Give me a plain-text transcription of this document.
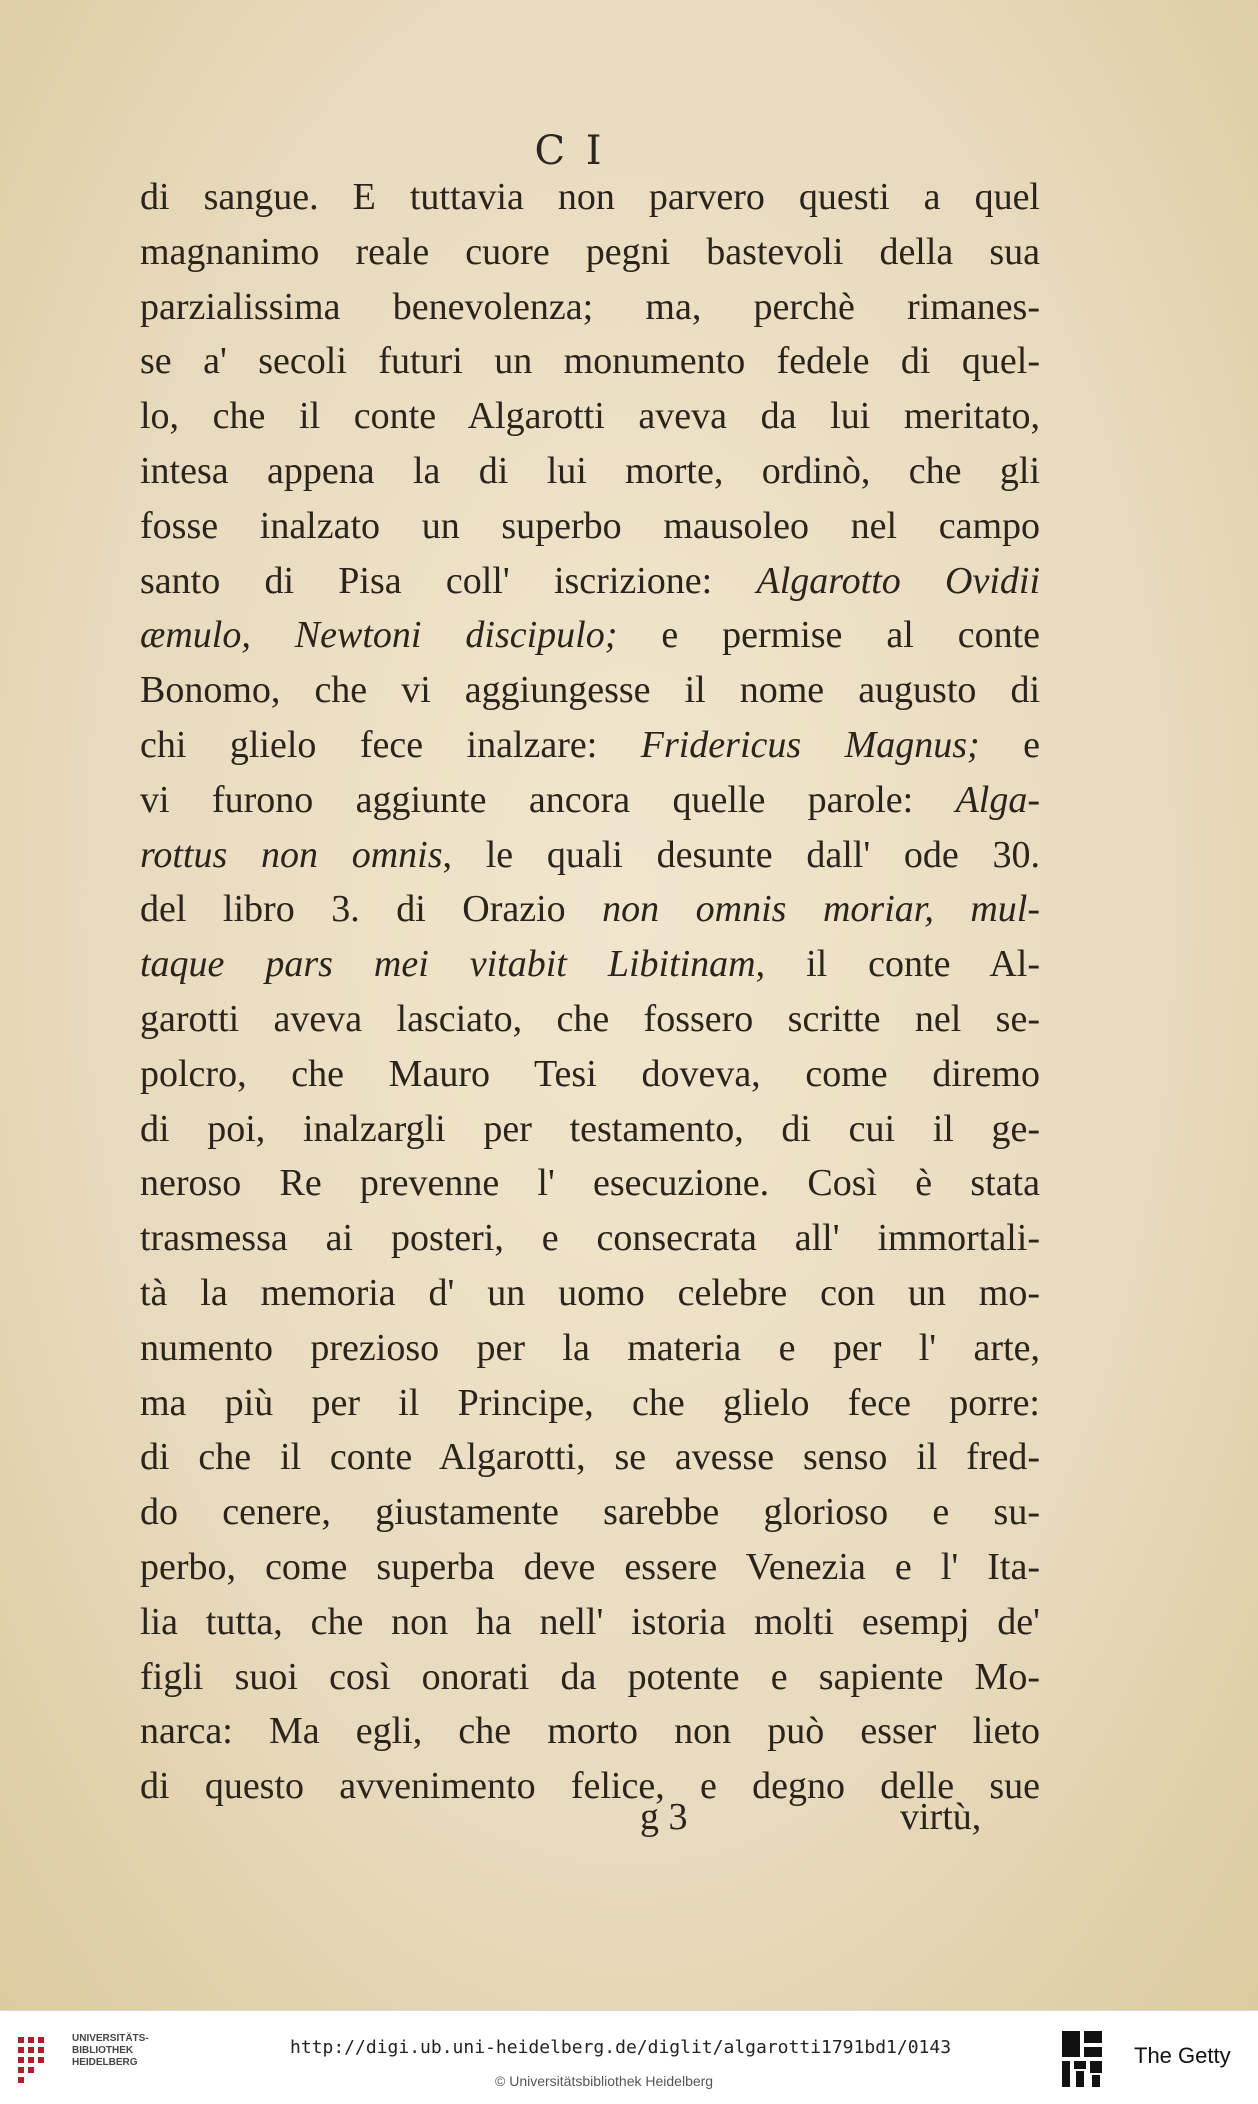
C I
di sangue. E tuttavia non parvero questi a quel
magnanimo reale cuore pegni bastevoli della sua
parzialissima benevolenza; ma, perchè rimanes-
se a' secoli futuri un monumento fedele di quel-
lo, che il conte Algarotti aveva da lui meritato,
intesa appena la di lui morte, ordinò, che gli
fosse inalzato un superbo mausoleo nel campo
santo di Pisa coll' iscrizione: Algarotto Ovidii
æmulo, Newtoni discipulo; e permise al conte
Bonomo, che vi aggiungesse il nome augusto di
chi glielo fece inalzare: Fridericus Magnus; e
vi furono aggiunte ancora quelle parole: Alga-
rottus non omnis, le quali desunte dall' ode 30.
del libro 3. di Orazio non omnis moriar, mul-
taque pars mei vitabit Libitinam, il conte Al-
garotti aveva lasciato, che fossero scritte nel se-
polcro, che Mauro Tesi doveva, come diremo
di poi, inalzargli per testamento, di cui il ge-
neroso Re prevenne l' esecuzione. Così è stata
trasmessa ai posteri, e consecrata all' immortali-
tà la memoria d' un uomo celebre con un mo-
numento prezioso per la materia e per l' arte,
ma più per il Principe, che glielo fece porre:
di che il conte Algarotti, se avesse senso il fred-
do cenere, giustamente sarebbe glorioso e su-
perbo, come superba deve essere Venezia e l' Ita-
lia tutta, che non ha nell' istoria molti esempj de'
figli suoi così onorati da potente e sapiente Mo-
narca: Ma egli, che morto non può esser lieto
di questo avvenimento felice, e degno delle sue
g 3	virtù,
UNIVERSITÄTS-
BIBLIOTHEK
HEIDELBERG
http://digi.ub.uni-heidelberg.de/diglit/algarotti1791bd1/0143
© Universitätsbibliothek Heidelberg
The Getty
